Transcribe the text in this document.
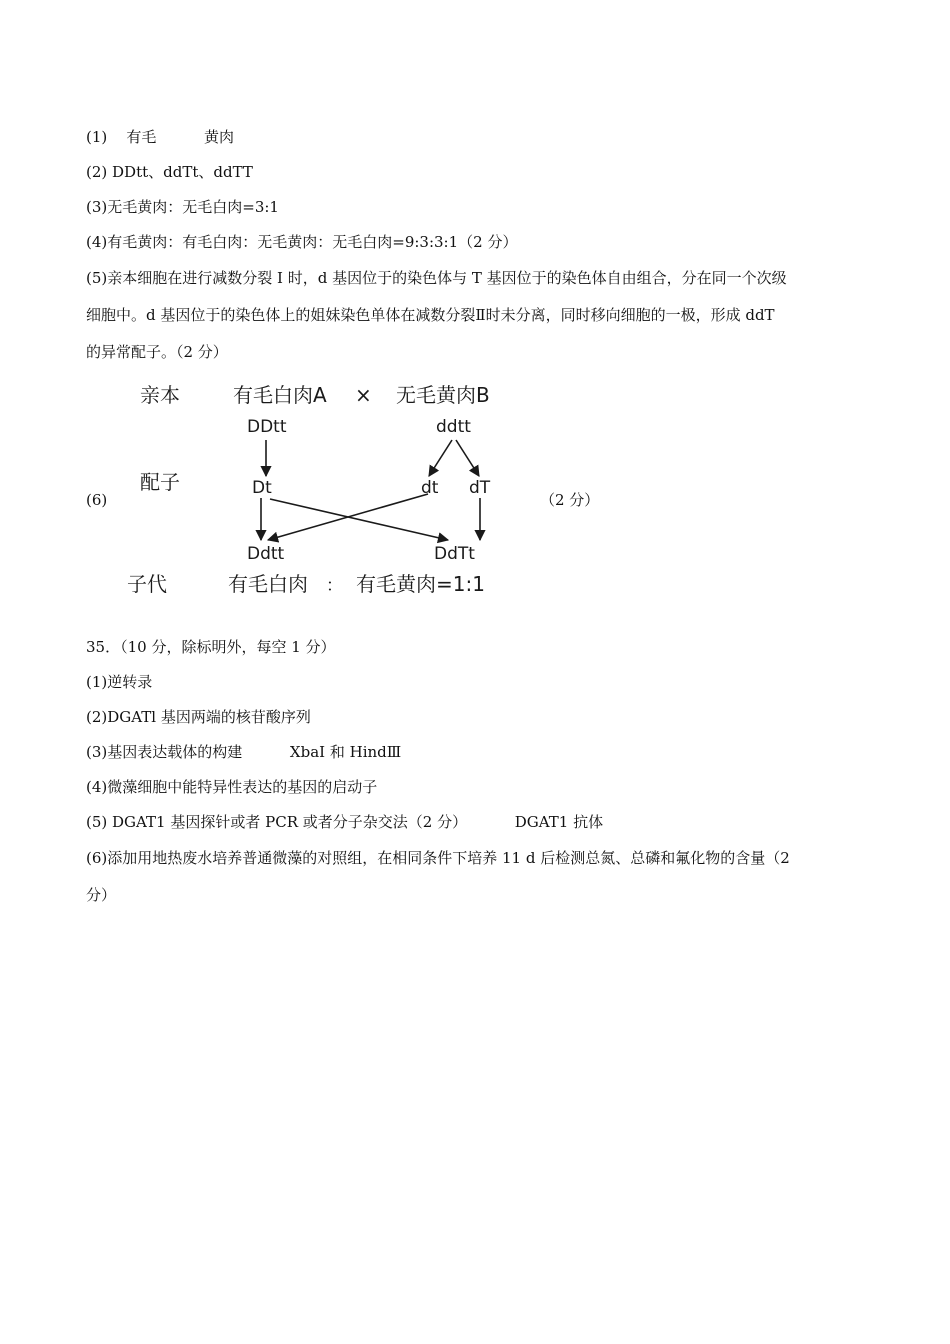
(1)    有毛          黄肉
(2) DDtt、ddTt、ddTT
(3)无毛黄肉：无毛白肉=3:1
(4)有毛黄肉：有毛白肉：无毛黄肉：无毛白肉=9:3:3:1（2 分）
(5)亲本细胞在进行减数分裂 I 时，d 基因位于的染色体与 T 基因位于的染色体自由组合，分在同一个次级
细胞中。d 基因位于的染色体上的姐妹染色单体在减数分裂Ⅱ时未分离，同时移向细胞的一极，形成 ddT
的异常配子。（2 分）
(6)	（2 分）
亲本	有毛白肉A × 无毛黄肉B
DDtt	ddtt
配子	Dt	dt dT
Ddtt	DdTt
子代	有毛白肉 ： 有毛黄肉=1:1
35．（10 分，除标明外，每空 1 分）
(1)逆转录
(2)DGATl 基因两端的核苷酸序列
(3)基因表达载体的构建          XbaⅠ 和 HindⅢ
(4)微藻细胞中能特异性表达的基因的启动子
(5) DGAT1 基因探针或者 PCR 或者分子杂交法（2 分）          DGAT1 抗体
(6)添加用地热废水培养普通微藻的对照组，在相同条件下培养 11 d 后检测总氮、总磷和氟化物的含量（2
分）
